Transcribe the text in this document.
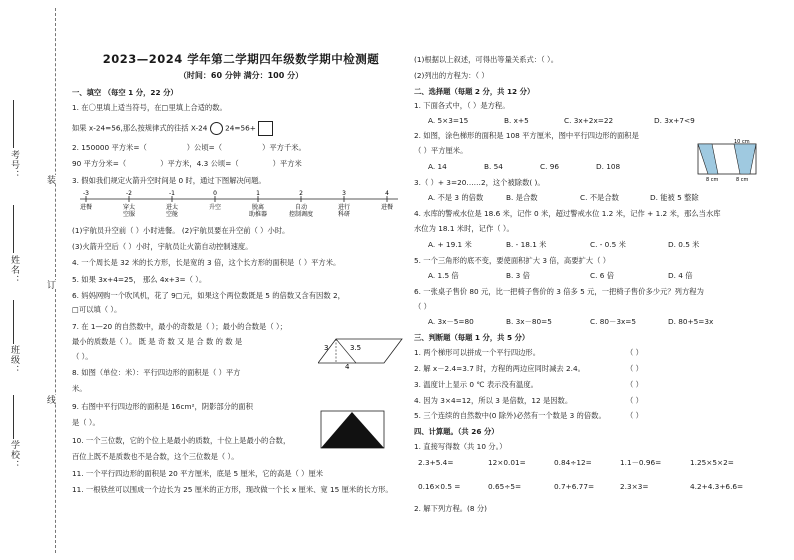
考号：
姓名：
班级：
学校：
装
订
线
2023—2024 学年第二学期四年级数学期中检测题
（时间：60 分钟 满分：100 分）
一、填空 （每空 1 分，22 分）
1. 在〇里填上适当符号，在□里填上合适的数。
如果 x-24=56,那么按规律式的往括 X-24 24=56+
2. 150000 平方米=（	）公顷=（	）平方千米。
90 平方分米=（	）平方米，4.3 公顷=（	）平方米
3. 假如我们规定火箭升空时间是 0 时，通过下图解决问题。
-3
进餐
-2
穿太
空服
-1
进太
空舱
0
升空
1
脱离
助推器
2
自动
控制调度
3
进行
科研
4
进餐
(1)宇航员升空前（ ）小时进餐。 (2)宇航员要在升空前（ ）小时。
(3)火箭升空后（ ）小时，宇航员让火箭自动控制速度。
4. 一个周长是 32 米的长方形，长是宽的 3 倍，这个长方形的面积是（ ）平方米。
5. 如果 3x+4=25， 那么 4x+3=（ ）。
6. 妈妈网购一个吹风机，花了 9□元，如果这个两位数既是 5 的倍数又含有因数 2，
□可以填（ ）。
7. 在 1—20 的自然数中，最小的奇数是（ ）；最小的合数是（ ）；
最小的质数是（ ）。 既 是 奇 数 又 是 合 数 的 数 是
（ ）。
3	3.5
4
8. 如图（单位：米）：平行四边形的面积是（ ）平方
米。
9. 右图中平行四边形的面积是 16cm²，阴影部分的面积
是（ ）。
10. 一个三位数，它的个位上是最小的质数，十位上是最小的合数，
百位上既不是质数也不是合数，这个三位数是（ ）。
11. 一个平行四边形的面积是 20 平方厘米，底是 5 厘米，它的高是（ ）厘米
11. 一根铁丝可以围成一个边长为 25 厘米的正方形，现改做一个长 x 厘米、宽 15 厘米的长方形。
(1)根据以上叙述，可得出等量关系式：（ ）。
(2)列出的方程为：（ ）
二、选择题（每题 2 分，共 12 分）
1. 下面各式中，（ ）是方程。
A. 5×3=15	B. x+5	C. 3x+2x=22	D. 3x+7<9
2. 如图，涂色梯形的面积是 108 平方厘米，图中平行四边形的面积是
（ ）平方厘米。
A. 14	B. 54	C. 96	D. 108
10 cm
8 cm	8 cm
3.（ ）+ 3=20……2，这个被除数( )。
A. 不是 3 的倍数	B. 是合数	C. 不是合数	D. 能被 5 整除
4. 水库的警戒水位是 18.6 米，记作 0 米，超过警戒水位 1.2 米，记作 + 1.2 米，那么当水库
水位为 18.1 米时，记作（ ）。
A. + 19.1 米	B. - 18.1 米	C. - 0.5 米	D. 0.5 米
5. 一个三角形的底不变，要使面积扩大 3 倍，高要扩大（ ）
A. 1.5 倍	B. 3 倍	C. 6 倍	D. 4 倍
6. 一张桌子售价 80 元，比一把椅子售价的 3 倍多 5 元，一把椅子售价多少元？列方程为
（ ）
A. 3x－5=80	B. 3x－80=5	C. 80－3x=5	D. 80+5=3x
三、判断题（每题 1 分，共 5 分）
1. 两个梯形可以拼成一个平行四边形。	（ ）
2. 解 x－2.4=3.7 时，方程的两边应同时减去 2.4。	（ ）
3. 温度计上显示 0 ℃ 表示没有温度。	（ ）
4. 因为 3×4=12，所以 3 是倍数，12 是因数。	（ ）
5. 三个连续的自然数中(0 除外)必然有一个数是 3 的倍数。	（ ）
四、计算题。（共 26 分）
1. 直接写得数（共 10 分。）
2.3+5.4=	12×0.01=	0.84÷12=	1.1－0.96=	1.25×5×2=
0.16×0.5 =	0.65÷5=	0.7+6.77=	2.3×3=	4.2+4.3+6.6=
2. 解下列方程。(8 分)
